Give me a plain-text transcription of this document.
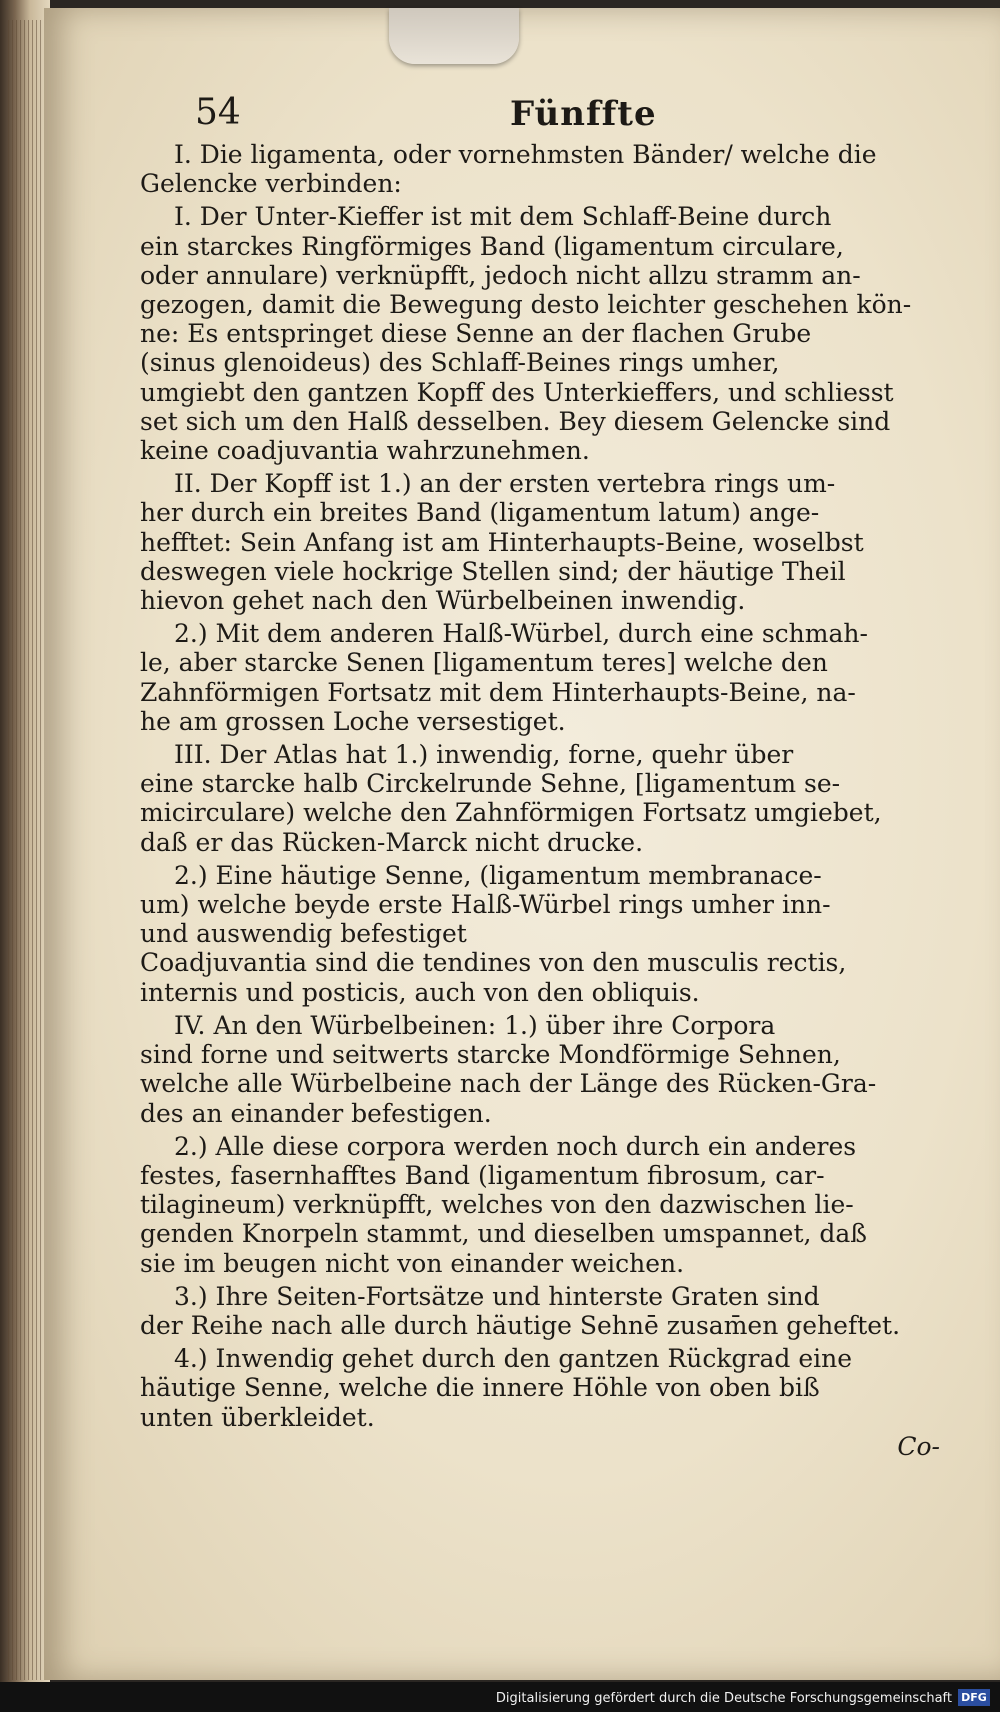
54	Fünffte
I. Die ligamenta, oder vornehmsten Bänder/ welche die
Gelencke verbinden:
I. Der Unter-Kieffer ist mit dem Schlaff-Beine durch
ein starckes Ringförmiges Band (ligamentum circulare,
oder annulare) verknüpfft, jedoch nicht allzu stramm an-
gezogen, damit die Bewegung desto leichter geschehen kön-
ne: Es entspringet diese Senne an der flachen Grube
(sinus glenoideus) des Schlaff-Beines rings umher,
umgiebt den gantzen Kopff des Unterkieffers, und schliesst
set sich um den Halß desselben. Bey diesem Gelencke sind
keine coadjuvantia wahrzunehmen.
II. Der Kopff ist 1.) an der ersten vertebra rings um-
her durch ein breites Band (ligamentum latum) ange-
hefftet: Sein Anfang ist am Hinterhaupts-Beine, woselbst
deswegen viele hockrige Stellen sind; der häutige Theil
hievon gehet nach den Würbelbeinen inwendig.
2.) Mit dem anderen Halß-Würbel, durch eine schmah-
le, aber starcke Senen [ligamentum teres] welche den
Zahnförmigen Fortsatz mit dem Hinterhaupts-Beine, na-
he am grossen Loche versestiget.
III. Der Atlas hat 1.) inwendig, forne, quehr über
eine starcke halb Circkelrunde Sehne, [ligamentum se-
micirculare) welche den Zahnförmigen Fortsatz umgiebet,
daß er das Rücken-Marck nicht drucke.
2.) Eine häutige Senne, (ligamentum membranace-
um) welche beyde erste Halß-Würbel rings umher inn-
und auswendig befestiget
Coadjuvantia sind die tendines von den musculis rectis,
internis und posticis, auch von den obliquis.
IV. An den Würbelbeinen: 1.) über ihre Corpora
sind forne und seitwerts starcke Mondförmige Sehnen,
welche alle Würbelbeine nach der Länge des Rücken-Gra-
des an einander befestigen.
2.) Alle diese corpora werden noch durch ein anderes
festes, fasernhafftes Band (ligamentum fibrosum, car-
tilagineum) verknüpfft, welches von den dazwischen lie-
genden Knorpeln stammt, und dieselben umspannet, daß
sie im beugen nicht von einander weichen.
3.) Ihre Seiten-Fortsätze und hinterste Graten sind
der Reihe nach alle durch häutige Sehnē zusam̄en geheftet.
4.) Inwendig gehet durch den gantzen Rückgrad eine
häutige Senne, welche die innere Höhle von oben biß
unten überkleidet.
Co-
Digitalisierung gefördert durch die Deutsche Forschungsgemeinschaft DFG
